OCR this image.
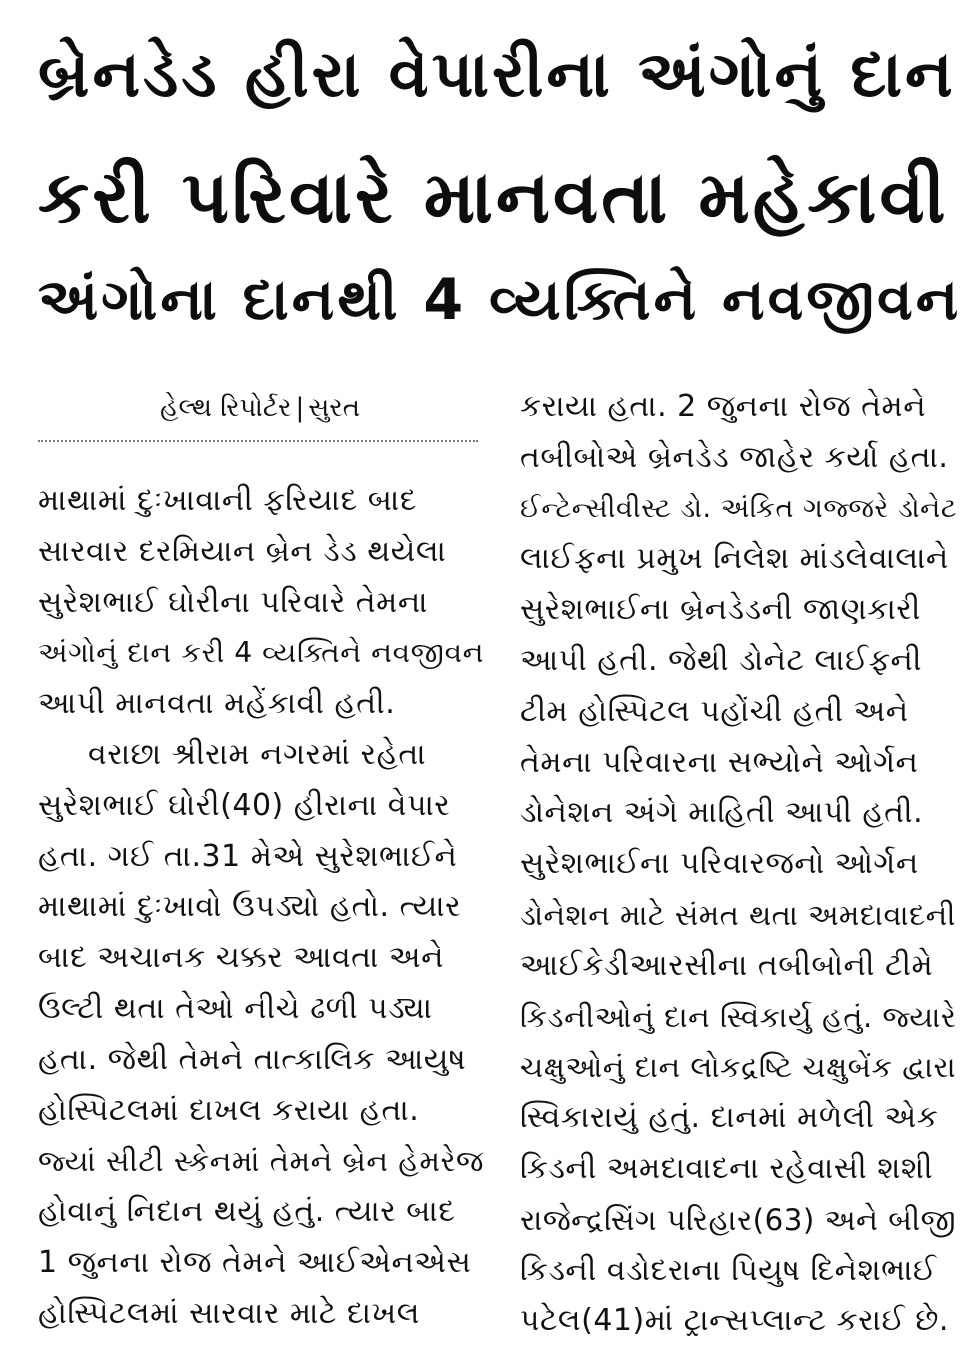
બ્રેનડેડ હીરા વેપારીના અંગોનું દાન
કરી પરિવારે માનવતા મહેકાવી
અંગોના દાનથી 4 વ્યક્તિને નવજીવન
હેલ્થ રિપોર્ટર | સુરત

માથામાં દુઃખાવાની ફરિયાદ બાદ
સારવાર દરમિયાન બ્રેન ડેડ થયેલા
સુરેશભાઈ ઘોરીના પરિવારે તેમના
અંગોનું દાન કરી 4 વ્યક્તિને નવજીવન
આપી માનવતા મહેંકાવી હતી.

વરાછા શ્રીરામ નગરમાં રહેતા
સુરેશભાઈ ઘોરી(40) હીરાના વેપાર
હતા. ગઈ તા.31 મેએ સુરેશભાઈને
માથામાં દુઃખાવો ઉપડ્યો હતો. ત્યાર
બાદ અચાનક ચક્કર આવતા અને
ઉલ્ટી થતા તેઓ નીચે ઢળી પડ્યા
હતા. જેથી તેમને તાત્કાલિક આયુષ
હોસ્પિટલમાં દાખલ કરાયા હતા.
જ્યાં સીટી સ્કેનમાં તેમને બ્રેન હેમરેજ
હોવાનું નિદાન થયું હતું. ત્યાર બાદ
1 જુનના રોજ તેમને આઈએનએસ
હોસ્પિટલમાં સારવાર માટે દાખલ

કરાયા હતા. 2 જુનના રોજ તેમને
તબીબોએ બ્રેનડેડ જાહેર કર્યા હતા.
ઈન્ટેન્સીવીસ્ટ ડો. અંકિત ગજ્જરે ડોનેટ
લાઈફના પ્રમુખ નિલેશ માંડલેવાલાને
સુરેશભાઈના બ્રેનડેડની જાણકારી
આપી હતી. જેથી ડોનેટ લાઈફની
ટીમ હોસ્પિટલ પહોંચી હતી અને
તેમના પરિવારના સભ્યોને ઓર્ગન
ડોનેશન અંગે માહિતી આપી હતી.
સુરેશભાઈના પરિવારજનો ઓર્ગન
ડોનેશન માટે સંમત થતા અમદાવાદની
આઈકેડીઆરસીના તબીબોની ટીમે
કિડનીઓનું દાન સ્વિકાર્યુ હતું. જ્યારે
ચક્ષુઓનું દાન લોકદ્રષ્ટિ ચક્ષુબેંક દ્વારા
સ્વિકારાયું હતું. દાનમાં મળેલી એક
કિડની અમદાવાદના રહેવાસી શશી
રાજેન્દ્રસિંગ પરિહાર(63) અને બીજી
કિડની વડોદરાના પિયુષ દિનેશભાઈ
પટેલ(41)માં ટ્રાન્સપ્લાન્ટ કરાઈ છે.
